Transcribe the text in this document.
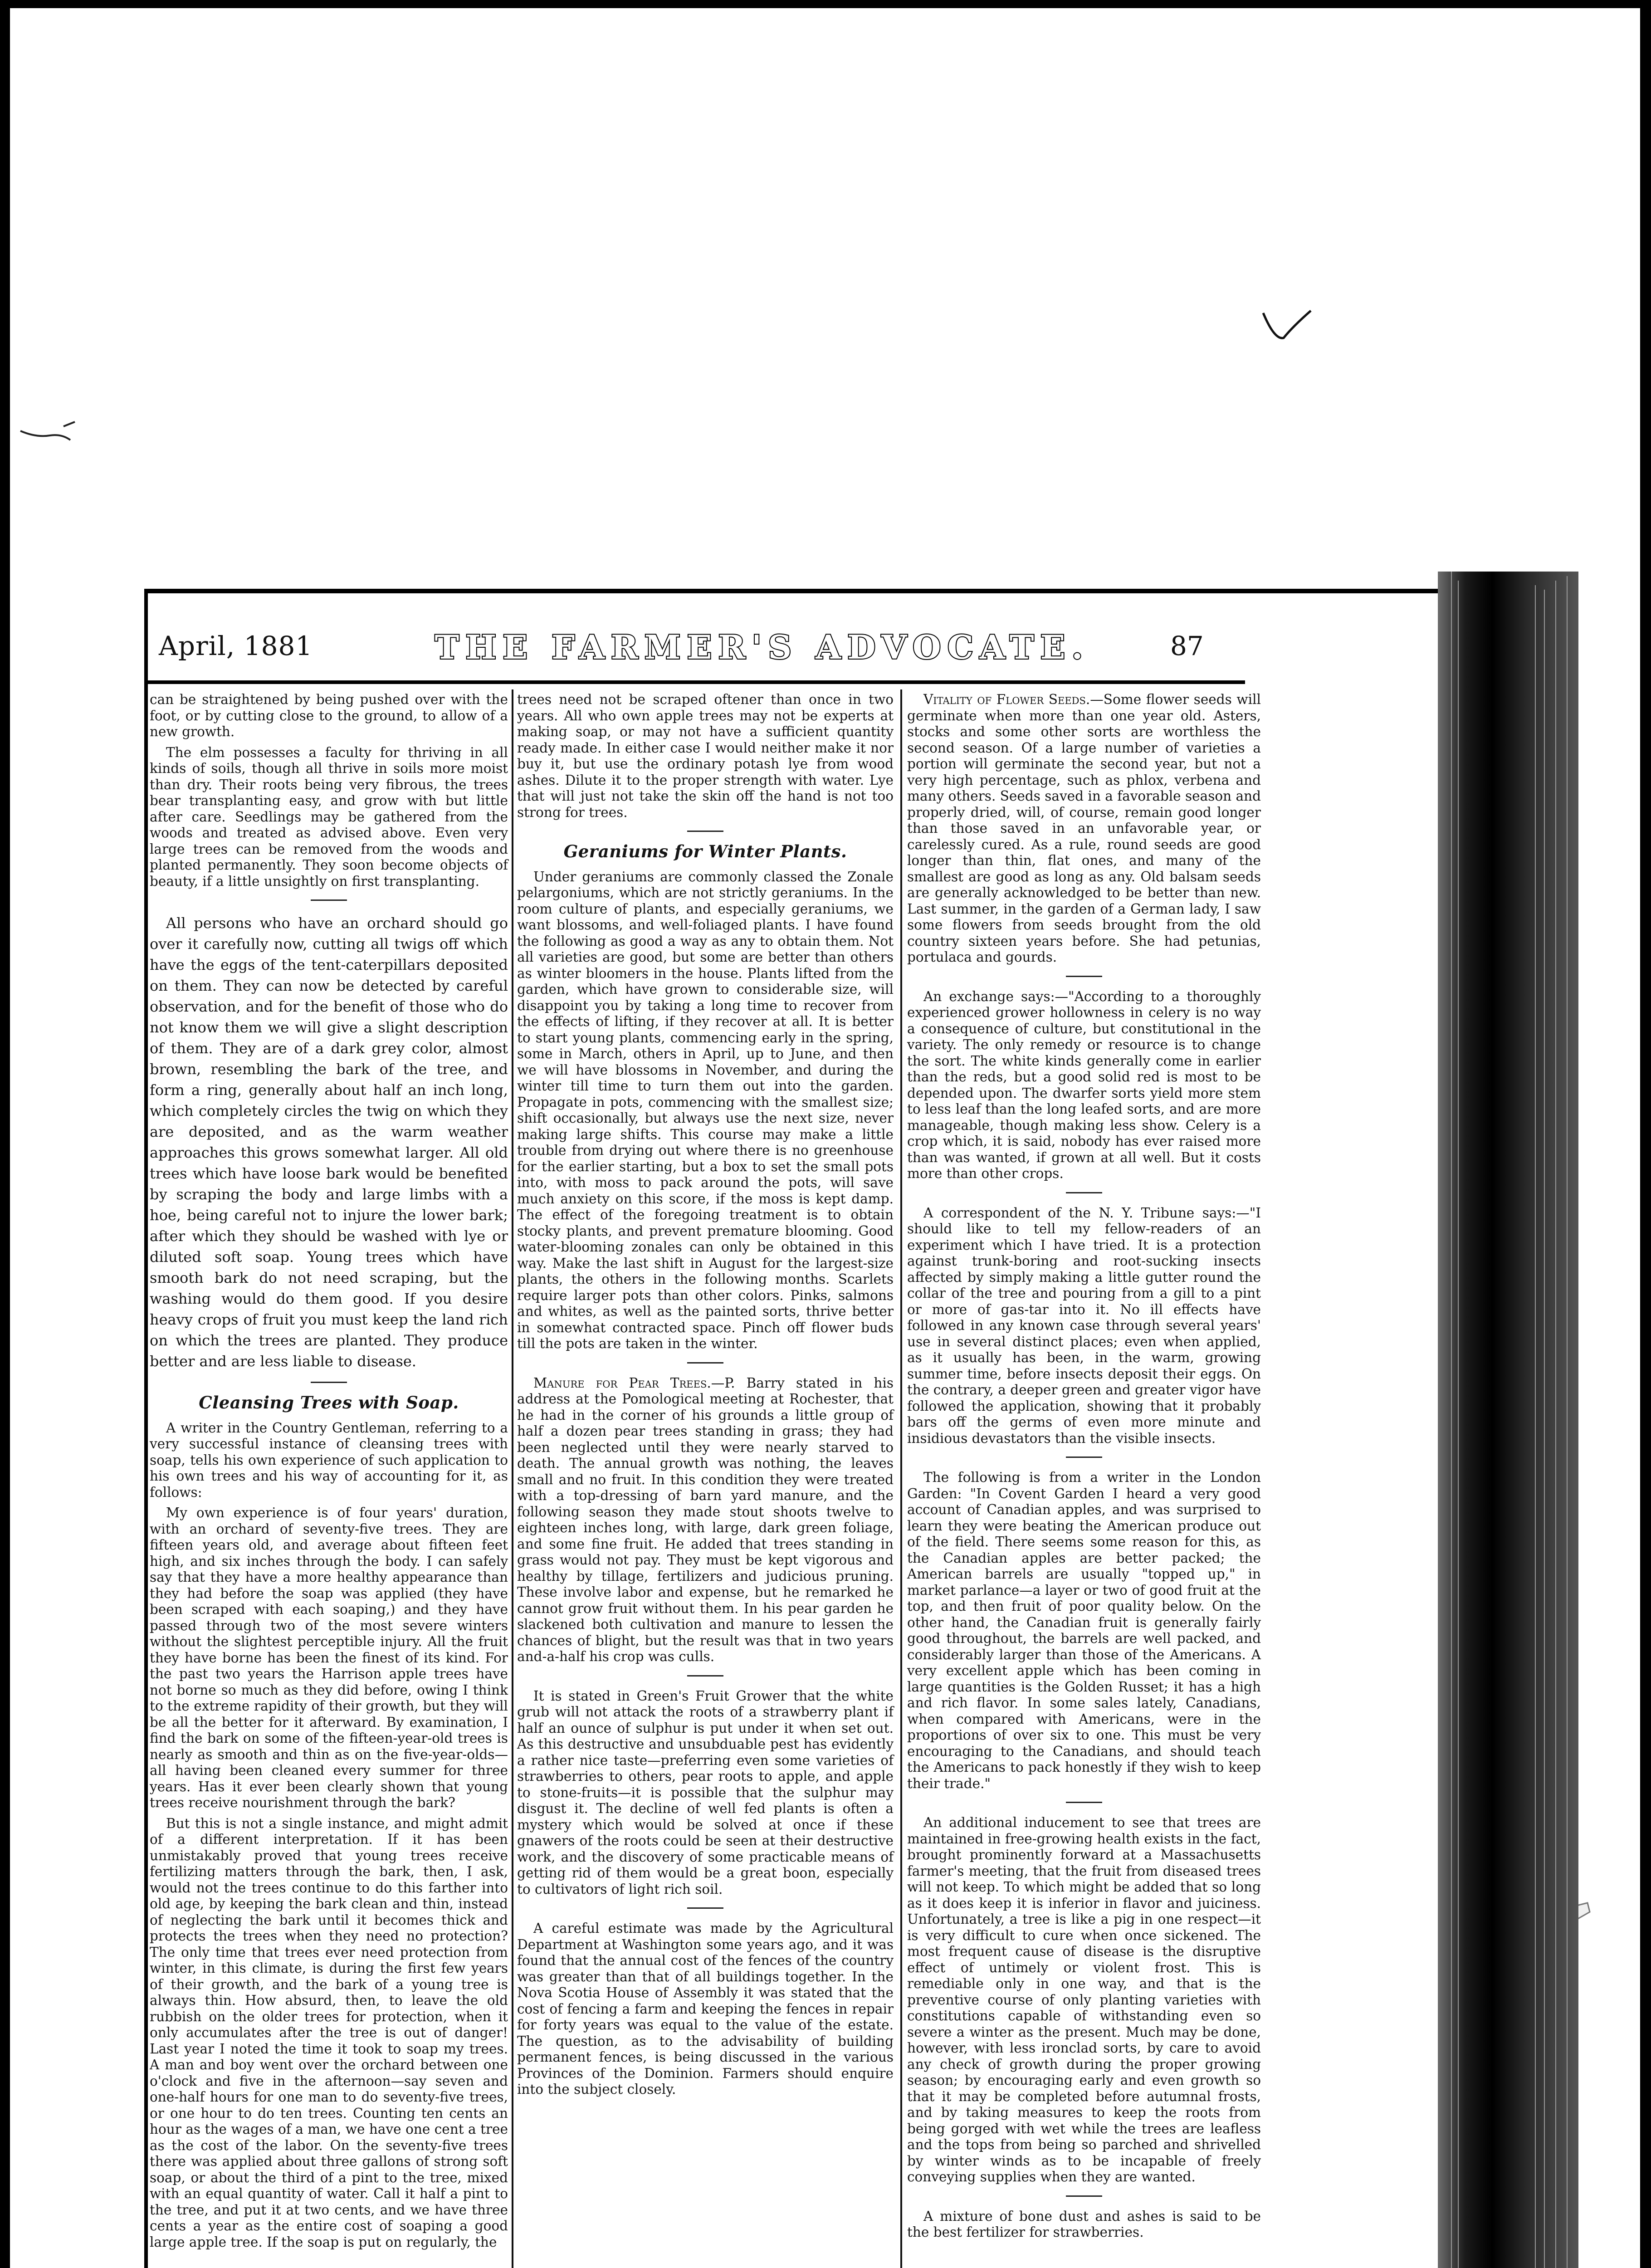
April, 1881	THE FARMER'S ADVOCATE.	87

can be straightened by being pushed over with the foot, or by cutting close to the ground, to allow of a new growth.

The elm possesses a faculty for thriving in all kinds of soils, though all thrive in soils more moist than dry. Their roots being very fibrous, the trees bear transplanting easy, and grow with but little after care. Seedlings may be gathered from the woods and treated as advised above. Even very large trees can be removed from the woods and planted permanently. They soon become objects of beauty, if a little unsightly on first transplanting.

All persons who have an orchard should go over it carefully now, cutting all twigs off which have the eggs of the tent-caterpillars deposited on them. They can now be detected by careful observation, and for the benefit of those who do not know them we will give a slight description of them. They are of a dark grey color, almost brown, resembling the bark of the tree, and form a ring, generally about half an inch long, which completely circles the twig on which they are deposited, and as the warm weather approaches this grows somewhat larger. All old trees which have loose bark would be benefited by scraping the body and large limbs with a hoe, being careful not to injure the lower bark; after which they should be washed with lye or diluted soft soap. Young trees which have smooth bark do not need scraping, but the washing would do them good. If you desire heavy crops of fruit you must keep the land rich on which the trees are planted. They produce better and are less liable to disease.

Cleansing Trees with Soap.

A writer in the Country Gentleman, referring to a very successful instance of cleansing trees with soap, tells his own experience of such application to his own trees and his way of accounting for it, as follows:

My own experience is of four years' duration, with an orchard of seventy-five trees. They are fifteen years old, and average about fifteen feet high, and six inches through the body. I can safely say that they have a more healthy appearance than they had before the soap was applied (they have been scraped with each soaping,) and they have passed through two of the most severe winters without the slightest perceptible injury. All the fruit they have borne has been the finest of its kind. For the past two years the Harrison apple trees have not borne so much as they did before, owing I think to the extreme rapidity of their growth, but they will be all the better for it afterward. By examination, I find the bark on some of the fifteen-year-old trees is nearly as smooth and thin as on the five-year-olds—all having been cleaned every summer for three years. Has it ever been clearly shown that young trees receive nourishment through the bark?

But this is not a single instance, and might admit of a different interpretation. If it has been unmistakably proved that young trees receive fertilizing matters through the bark, then, I ask, would not the trees continue to do this farther into old age, by keeping the bark clean and thin, instead of neglecting the bark until it becomes thick and protects the trees when they need no protection? The only time that trees ever need protection from winter, in this climate, is during the first few years of their growth, and the bark of a young tree is always thin. How absurd, then, to leave the old rubbish on the older trees for protection, when it only accumulates after the tree is out of danger! Last year I noted the time it took to soap my trees. A man and boy went over the orchard between one o'clock and five in the afternoon—say seven and one-half hours for one man to do seventy-five trees, or one hour to do ten trees. Counting ten cents an hour as the wages of a man, we have one cent a tree as the cost of the labor. On the seventy-five trees there was applied about three gallons of strong soft soap, or about the third of a pint to the tree, mixed with an equal quantity of water. Call it half a pint to the tree, and put it at two cents, and we have three cents a year as the entire cost of soaping a good large apple tree. If the soap is put on regularly, the

trees need not be scraped oftener than once in two years. All who own apple trees may not be experts at making soap, or may not have a sufficient quantity ready made. In either case I would neither make it nor buy it, but use the ordinary potash lye from wood ashes. Dilute it to the proper strength with water. Lye that will just not take the skin off the hand is not too strong for trees.

Geraniums for Winter Plants.

Under geraniums are commonly classed the Zonale pelargoniums, which are not strictly geraniums. In the room culture of plants, and especially geraniums, we want blossoms, and well-foliaged plants. I have found the following as good a way as any to obtain them. Not all varieties are good, but some are better than others as winter bloomers in the house. Plants lifted from the garden, which have grown to considerable size, will disappoint you by taking a long time to recover from the effects of lifting, if they recover at all. It is better to start young plants, commencing early in the spring, some in March, others in April, up to June, and then we will have blossoms in November, and during the winter till time to turn them out into the garden. Propagate in pots, commencing with the smallest size; shift occasionally, but always use the next size, never making large shifts. This course may make a little trouble from drying out where there is no greenhouse for the earlier starting, but a box to set the small pots into, with moss to pack around the pots, will save much anxiety on this score, if the moss is kept damp. The effect of the foregoing treatment is to obtain stocky plants, and prevent premature blooming. Good water-blooming zonales can only be obtained in this way. Make the last shift in August for the largest-size plants, the others in the following months. Scarlets require larger pots than other colors. Pinks, salmons and whites, as well as the painted sorts, thrive better in somewhat contracted space. Pinch off flower buds till the pots are taken in the winter.

Manure for Pear Trees.—P. Barry stated in his address at the Pomological meeting at Rochester, that he had in the corner of his grounds a little group of half a dozen pear trees standing in grass; they had been neglected until they were nearly starved to death. The annual growth was nothing, the leaves small and no fruit. In this condition they were treated with a top-dressing of barn yard manure, and the following season they made stout shoots twelve to eighteen inches long, with large, dark green foliage, and some fine fruit. He added that trees standing in grass would not pay. They must be kept vigorous and healthy by tillage, fertilizers and judicious pruning. These involve labor and expense, but he remarked he cannot grow fruit without them. In his pear garden he slackened both cultivation and manure to lessen the chances of blight, but the result was that in two years and-a-half his crop was culls.

It is stated in Green's Fruit Grower that the white grub will not attack the roots of a strawberry plant if half an ounce of sulphur is put under it when set out. As this destructive and unsubduable pest has evidently a rather nice taste—preferring even some varieties of strawberries to others, pear roots to apple, and apple to stone-fruits—it is possible that the sulphur may disgust it. The decline of well fed plants is often a mystery which would be solved at once if these gnawers of the roots could be seen at their destructive work, and the discovery of some practicable means of getting rid of them would be a great boon, especially to cultivators of light rich soil.

A careful estimate was made by the Agricultural Department at Washington some years ago, and it was found that the annual cost of the fences of the country was greater than that of all buildings together. In the Nova Scotia House of Assembly it was stated that the cost of fencing a farm and keeping the fences in repair for forty years was equal to the value of the estate. The question, as to the advisability of building permanent fences, is being discussed in the various Provinces of the Dominion. Farmers should enquire into the subject closely.

Vitality of Flower Seeds.—Some flower seeds will germinate when more than one year old. Asters, stocks and some other sorts are worthless the second season. Of a large number of varieties a portion will germinate the second year, but not a very high percentage, such as phlox, verbena and many others. Seeds saved in a favorable season and properly dried, will, of course, remain good longer than those saved in an unfavorable year, or carelessly cured. As a rule, round seeds are good longer than thin, flat ones, and many of the smallest are good as long as any. Old balsam seeds are generally acknowledged to be better than new. Last summer, in the garden of a German lady, I saw some flowers from seeds brought from the old country sixteen years before. She had petunias, portulaca and gourds.

An exchange says:—"According to a thoroughly experienced grower hollowness in celery is no way a consequence of culture, but constitutional in the variety. The only remedy or resource is to change the sort. The white kinds generally come in earlier than the reds, but a good solid red is most to be depended upon. The dwarfer sorts yield more stem to less leaf than the long leafed sorts, and are more manageable, though making less show. Celery is a crop which, it is said, nobody has ever raised more than was wanted, if grown at all well. But it costs more than other crops.

A correspondent of the N. Y. Tribune says:—"I should like to tell my fellow-readers of an experiment which I have tried. It is a protection against trunk-boring and root-sucking insects affected by simply making a little gutter round the collar of the tree and pouring from a gill to a pint or more of gas-tar into it. No ill effects have followed in any known case through several years' use in several distinct places; even when applied, as it usually has been, in the warm, growing summer time, before insects deposit their eggs. On the contrary, a deeper green and greater vigor have followed the application, showing that it probably bars off the germs of even more minute and insidious devastators than the visible insects.

The following is from a writer in the London Garden: "In Covent Garden I heard a very good account of Canadian apples, and was surprised to learn they were beating the American produce out of the field. There seems some reason for this, as the Canadian apples are better packed; the American barrels are usually "topped up," in market parlance—a layer or two of good fruit at the top, and then fruit of poor quality below. On the other hand, the Canadian fruit is generally fairly good throughout, the barrels are well packed, and considerably larger than those of the Americans. A very excellent apple which has been coming in large quantities is the Golden Russet; it has a high and rich flavor. In some sales lately, Canadians, when compared with Americans, were in the proportions of over six to one. This must be very encouraging to the Canadians, and should teach the Americans to pack honestly if they wish to keep their trade."

An additional inducement to see that trees are maintained in free-growing health exists in the fact, brought prominently forward at a Massachusetts farmer's meeting, that the fruit from diseased trees will not keep. To which might be added that so long as it does keep it is inferior in flavor and juiciness. Unfortunately, a tree is like a pig in one respect—it is very difficult to cure when once sickened. The most frequent cause of disease is the disruptive effect of untimely or violent frost. This is remediable only in one way, and that is the preventive course of only planting varieties with constitutions capable of withstanding even so severe a winter as the present. Much may be done, however, with less ironclad sorts, by care to avoid any check of growth during the proper growing season; by encouraging early and even growth so that it may be completed before autumnal frosts, and by taking measures to keep the roots from being gorged with wet while the trees are leafless and the tops from being so parched and shrivelled by winter winds as to be incapable of freely conveying supplies when they are wanted.

A mixture of bone dust and ashes is said to be the best fertilizer for strawberries.
